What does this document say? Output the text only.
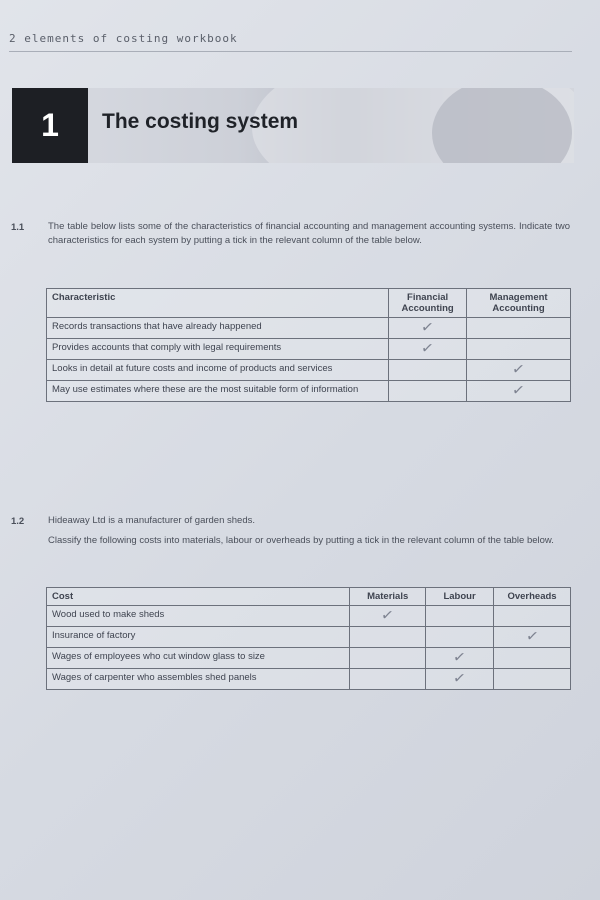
2 elements of costing workbook
1	The costing system
1.1	The table below lists some of the characteristics of financial accounting and management accounting systems. Indicate two characteristics for each system by putting a tick in the relevant column of the table below.
Characteristic	Financial Accounting	Management Accounting
Records transactions that have already happened	✓	
Provides accounts that comply with legal requirements	✓	
Looks in detail at future costs and income of products and services		✓
May use estimates where these are the most suitable form of information		✓
1.2	Hideaway Ltd is a manufacturer of garden sheds.
Classify the following costs into materials, labour or overheads by putting a tick in the relevant column of the table below.
Cost	Materials	Labour	Overheads
Wood used to make sheds	✓		
Insurance of factory			✓
Wages of employees who cut window glass to size		✓	
Wages of carpenter who assembles shed panels		✓	
